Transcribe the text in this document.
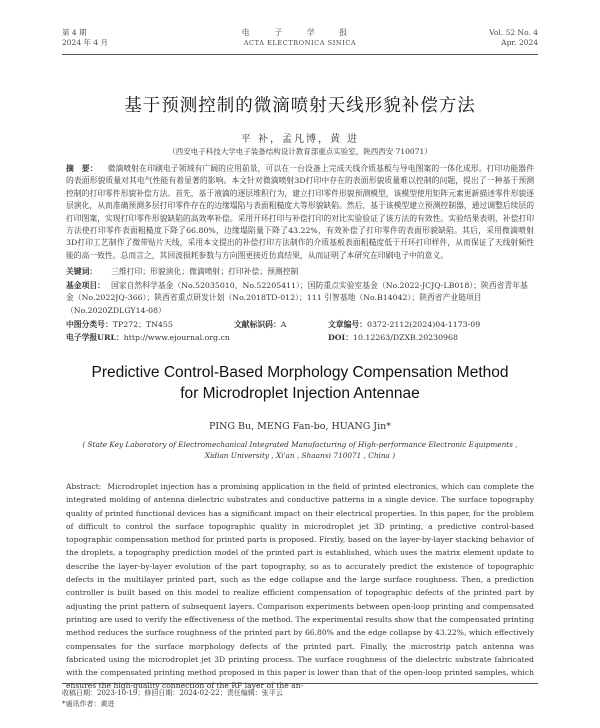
第 4 期
2024 年 4 月
电 子 学 报
ACTA ELECTRONICA SINICA
Vol. 52 No. 4
Apr. 2024
基于预测控制的微滴喷射天线形貌补偿方法
平 补，孟凡博，黄 进
（西安电子科技大学电子装备结构设计教育部重点实验室，陕西西安 710071）
摘　要： 微滴喷射在印刷电子领域有广阔的应用前景，可以在一台设备上完成天线介质基板与导电图案的一体化成形。打印功能器件的表面形貌质量对其电气性能有着显著的影响。本文针对微滴喷射3D打印中存在的表面形貌质量难以控制的问题，提出了一种基于预测控制的打印零件形貌补偿方法。首先，基于液滴的逐层堆积行为，建立打印零件形貌预测模型，该模型使用矩阵元素更新描述零件形貌逐层演化，从而准确预测多层打印零件存在的边缘塌陷与表面粗糙度大等形貌缺陷。然后，基于该模型建立预测控制器，通过调整后续层的打印图案，实现打印零件形貌缺陷的高效率补偿。采用开环打印与补偿打印的对比实验验证了该方法的有效性。实验结果表明，补偿打印方法使打印零件表面粗糙度下降了66.80%，边缘塌陷量下降了43.22%，有效补偿了打印零件的表面形貌缺陷。其后，采用微滴喷射3D打印工艺制作了微带贴片天线，采用本文提出的补偿打印方法制作的介质基板表面粗糙度低于开环打印样件，从而保证了天线射频性能的高一致性。总而言之，其回波损耗参数与方向图更接近仿真结果，从而证明了本研究在印刷电子中的意义。
关键词： 三维打印；形貌演化；微滴喷射；打印补偿；预测控制
基金项目： 国家自然科学基金（No.52035010，No.52205411）；国防重点实验室基金（No.2022-JCJQ-LB018）；陕西省青年基金（No.2022JQ-366）；陕西省重点研发计划（No.2018TD-012）；111 引智基地（No.B14042）；陕西省产业链项目（No.2020ZDLGY14-08）
中图分类号：TP272；TN455	文献标识码：A	文章编号：0372-2112(2024)04-1173-09
电子学报URL：http://www.ejournal.org.cn	DOI：10.12263/DZXB.20230968
Predictive Control-Based Morphology Compensation Method
for Microdroplet Injection Antennae
PING Bu, MENG Fan-bo, HUANG Jin*
( State Key Laboratory of Electromechanical Integrated Manufacturing of High-performance Electronic Equipments ,
Xidian University , Xi'an , Shaanxi 710071 , China )
Abstract: Microdroplet injection has a promising application in the field of printed electronics, which can complete the integrated molding of antenna dielectric substrates and conductive patterns in a single device. The surface topography quality of printed functional devices has a significant impact on their electrical properties. In this paper, for the problem of difficult to control the surface topographic quality in microdroplet jet 3D printing, a predictive control-based topographic compensation method for printed parts is proposed. Firstly, based on the layer-by-layer stacking behavior of the droplets, a topography prediction model of the printed part is established, which uses the matrix element update to describe the layer-by-layer evolution of the part topography, so as to accurately predict the existence of topographic defects in the multilayer printed part, such as the edge collapse and the large surface roughness. Then, a prediction controller is built based on this model to realize efficient compensation of topographic defects of the printed part by adjusting the print pattern of subsequent layers. Comparison experiments between open-loop printing and compensated printing are used to verify the effectiveness of the method. The experimental results show that the compensated printing method reduces the surface roughness of the printed part by 66.80% and the edge collapse by 43.22%, which effectively compensates for the surface morphology defects of the printed part. Finally, the microstrip patch antenna was fabricated using the microdroplet jet 3D printing process. The surface roughness of the dielectric substrate fabricated with the compensated printing method proposed in this paper is lower than that of the open-loop printed samples, which ensures the high-quality connection of the RF layer of the an-
收稿日期：2023-10-19；修回日期：2024-02-22；责任编辑：张平云
*通讯作者：黄进
